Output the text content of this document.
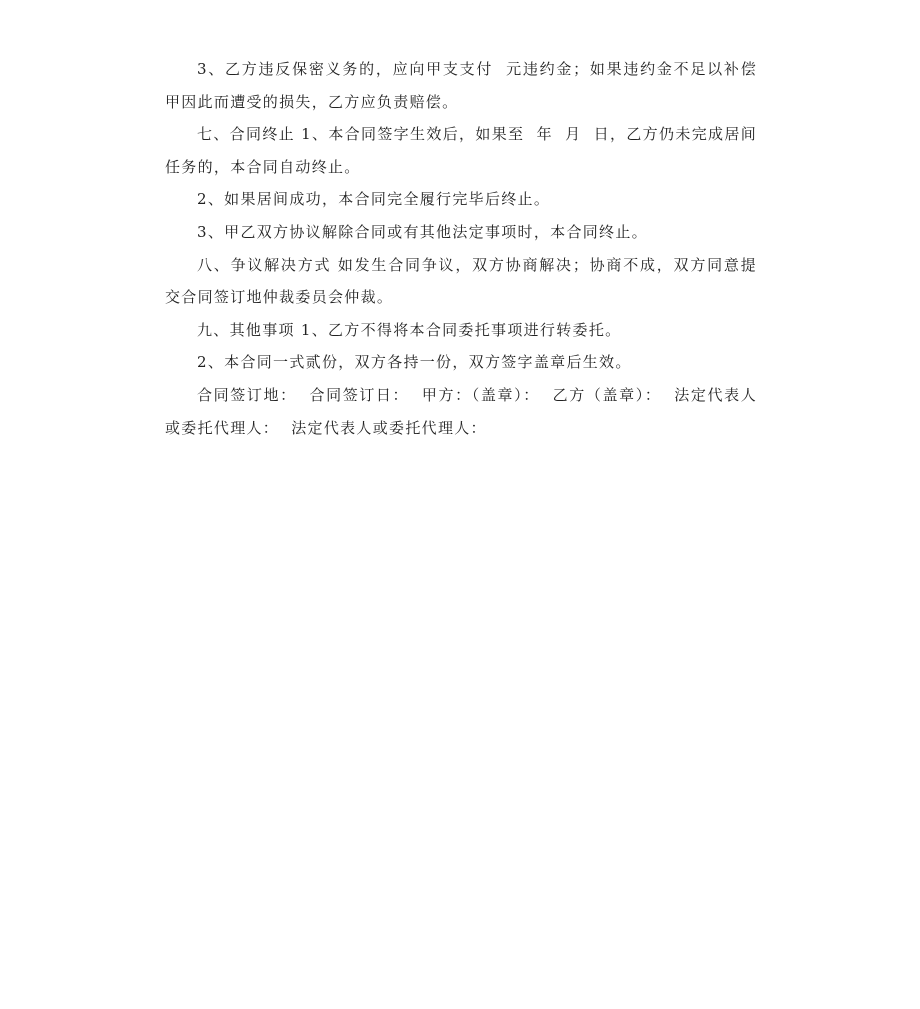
3、乙方违反保密义务的，应向甲支支付  元违约金；如果违约金不足以补偿甲因此而遭受的损失，乙方应负责赔偿。

七、合同终止 1、本合同签字生效后，如果至  年  月  日，乙方仍未完成居间任务的，本合同自动终止。

2、如果居间成功，本合同完全履行完毕后终止。

3、甲乙双方协议解除合同或有其他法定事项时，本合同终止。

八、争议解决方式 如发生合同争议，双方协商解决；协商不成，双方同意提交合同签订地仲裁委员会仲裁。

九、其他事项 1、乙方不得将本合同委托事项进行转委托。

2、本合同一式贰份，双方各持一份，双方签字盖章后生效。

合同签订地：  合同签订日：  甲方：（盖章）：  乙方（盖章）：  法定代表人或委托代理人：  法定代表人或委托代理人：
